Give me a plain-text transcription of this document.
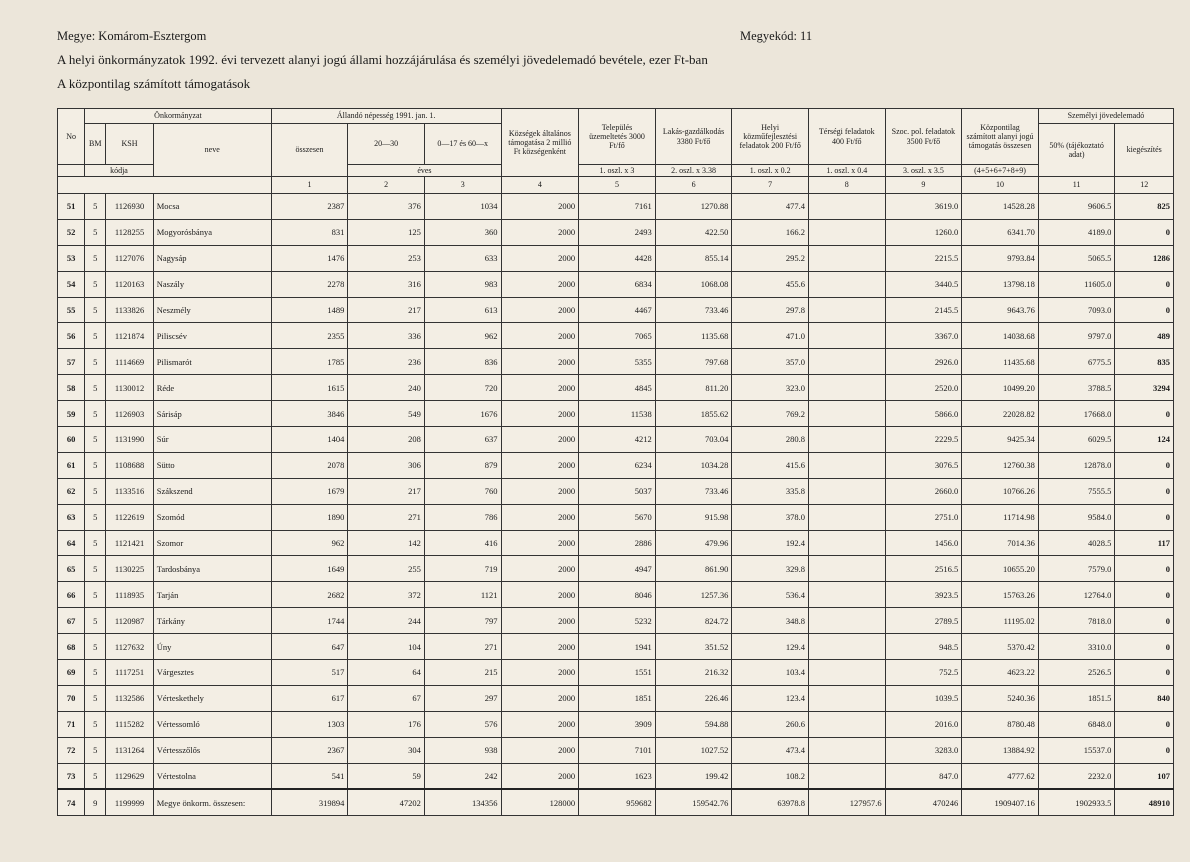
Megye: Komárom-Esztergom	Megyekód: 11
A helyi önkormányzatok 1992. évi tervezett alanyi jogú állami hozzájárulása és személyi jövedelemadó bevétele, ezer Ft-ban
A központilag számított támogatások
No	Önkormányzat			Állandó népesség 1991. jan. 1.			Községek általános támogatása 2 millió Ft községenként	Település üzemeltetés 3000 Ft/fő	Lakás-gazdálkodás 3380 Ft/fő	Helyi közműfejlesztési feladatok 200 Ft/fő	Térségi feladatok 400 Ft/fő	Szoc. pol. feladatok 3500 Ft/fő	Központilag számított alanyi jogú támogatás összesen	Személyi jövedelemadó	
	BM	KSH	neve	összesen	20—30	0—17 és 60—x								50% (tájékoztató adat)	kiegészítés
	kódja				éves			1. oszl. x 3	2. oszl. x 3.38	1. oszl. x 0.2	1. oszl. x 0.4	3. oszl. x 3.5	(4+5+6+7+8+9)		
				1	2	3	4	5	6	7	8	9	10	11	12
51	5	1126930	Mocsa	2387	376	1034	2000	7161	1270.88	477.4		3619.0	14528.28	9606.5	825
52	5	1128255	Mogyorósbánya	831	125	360	2000	2493	422.50	166.2		1260.0	6341.70	4189.0	0
53	5	1127076	Nagysáp	1476	253	633	2000	4428	855.14	295.2		2215.5	9793.84	5065.5	1286
54	5	1120163	Naszály	2278	316	983	2000	6834	1068.08	455.6		3440.5	13798.18	11605.0	0
55	5	1133826	Neszmély	1489	217	613	2000	4467	733.46	297.8		2145.5	9643.76	7093.0	0
56	5	1121874	Piliscsév	2355	336	962	2000	7065	1135.68	471.0		3367.0	14038.68	9797.0	489
57	5	1114669	Pilismarót	1785	236	836	2000	5355	797.68	357.0		2926.0	11435.68	6775.5	835
58	5	1130012	Réde	1615	240	720	2000	4845	811.20	323.0		2520.0	10499.20	3788.5	3294
59	5	1126903	Sárisáp	3846	549	1676	2000	11538	1855.62	769.2		5866.0	22028.82	17668.0	0
60	5	1131990	Súr	1404	208	637	2000	4212	703.04	280.8		2229.5	9425.34	6029.5	124
61	5	1108688	Sütto	2078	306	879	2000	6234	1034.28	415.6		3076.5	12760.38	12878.0	0
62	5	1133516	Szákszend	1679	217	760	2000	5037	733.46	335.8		2660.0	10766.26	7555.5	0
63	5	1122619	Szomód	1890	271	786	2000	5670	915.98	378.0		2751.0	11714.98	9584.0	0
64	5	1121421	Szomor	962	142	416	2000	2886	479.96	192.4		1456.0	7014.36	4028.5	117
65	5	1130225	Tardosbánya	1649	255	719	2000	4947	861.90	329.8		2516.5	10655.20	7579.0	0
66	5	1118935	Tarján	2682	372	1121	2000	8046	1257.36	536.4		3923.5	15763.26	12764.0	0
67	5	1120987	Tárkány	1744	244	797	2000	5232	824.72	348.8		2789.5	11195.02	7818.0	0
68	5	1127632	Úny	647	104	271	2000	1941	351.52	129.4		948.5	5370.42	3310.0	0
69	5	1117251	Várgesztes	517	64	215	2000	1551	216.32	103.4		752.5	4623.22	2526.5	0
70	5	1132586	Vérteskethely	617	67	297	2000	1851	226.46	123.4		1039.5	5240.36	1851.5	840
71	5	1115282	Vértessomló	1303	176	576	2000	3909	594.88	260.6		2016.0	8780.48	6848.0	0
72	5	1131264	Vértesszőlős	2367	304	938	2000	7101	1027.52	473.4		3283.0	13884.92	15537.0	0
73	5	1129629	Vértestolna	541	59	242	2000	1623	199.42	108.2		847.0	4777.62	2232.0	107
74	9	1199999	Megye önkorm. összesen:	319894	47202	134356	128000	959682	159542.76	63978.8	127957.6	470246	1909407.16	1902933.5	48910
